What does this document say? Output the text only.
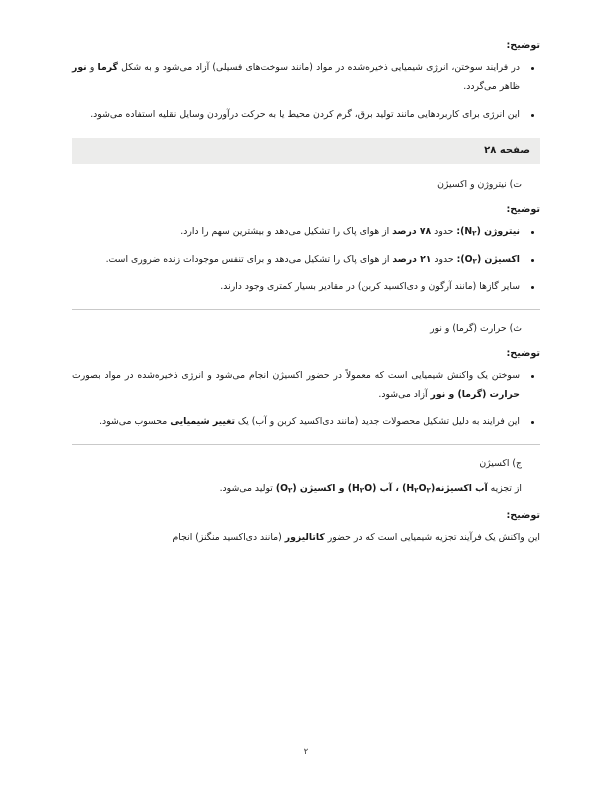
توضیح:
در فرایند سوختن، انرژی شیمیایی ذخیره‌شده در مواد (مانند سوخت‌های فسیلی) آزاد می‌شود و به شکل گرما و نور ظاهر می‌گردد.
این انرژی برای کاربردهایی مانند تولید برق، گرم کردن محیط یا به حرکت درآوردن وسایل نقلیه استفاده می‌شود.
صفحه ۲۸
ت) نیتروژن و اکسیژن
توضیح:
نیتروژن $(N_۲)$: حدود ۷۸ درصد از هوای پاک را تشکیل می‌دهد و بیشترین سهم را دارد.
اکسیژن $(O_۲)$: حدود ۲۱ درصد از هوای پاک را تشکیل می‌دهد و برای تنفس موجودات زنده ضروری است.
سایر گازها (مانند آرگون و دی‌اکسید کربن) در مقادیر بسیار کمتری وجود دارند.
ث) حرارت (گرما) و نور
توضیح:
سوختن یک واکنش شیمیایی است که معمولاً در حضور اکسیژن انجام می‌شود و انرژی ذخیره‌شده در مواد بصورت حرارت (گرما) و نور آزاد می‌شود.
این فرایند به دلیل تشکیل محصولات جدید (مانند دی‌اکسید کربن و آب) یک تغییر شیمیایی محسوب می‌شود.
ج) اکسیژن
از تجزیه آب $اکسیژنه(H_۲O_۲)$ ، آب $(H_۲O)$ و اکسیژن $(O_۲)$ تولید می‌شود.
توضیح:
این واکنش یک فرآیند تجزیه شیمیایی است که در حضور کاتالیزور (مانند دی‌اکسید منگنز) انجام
۲
